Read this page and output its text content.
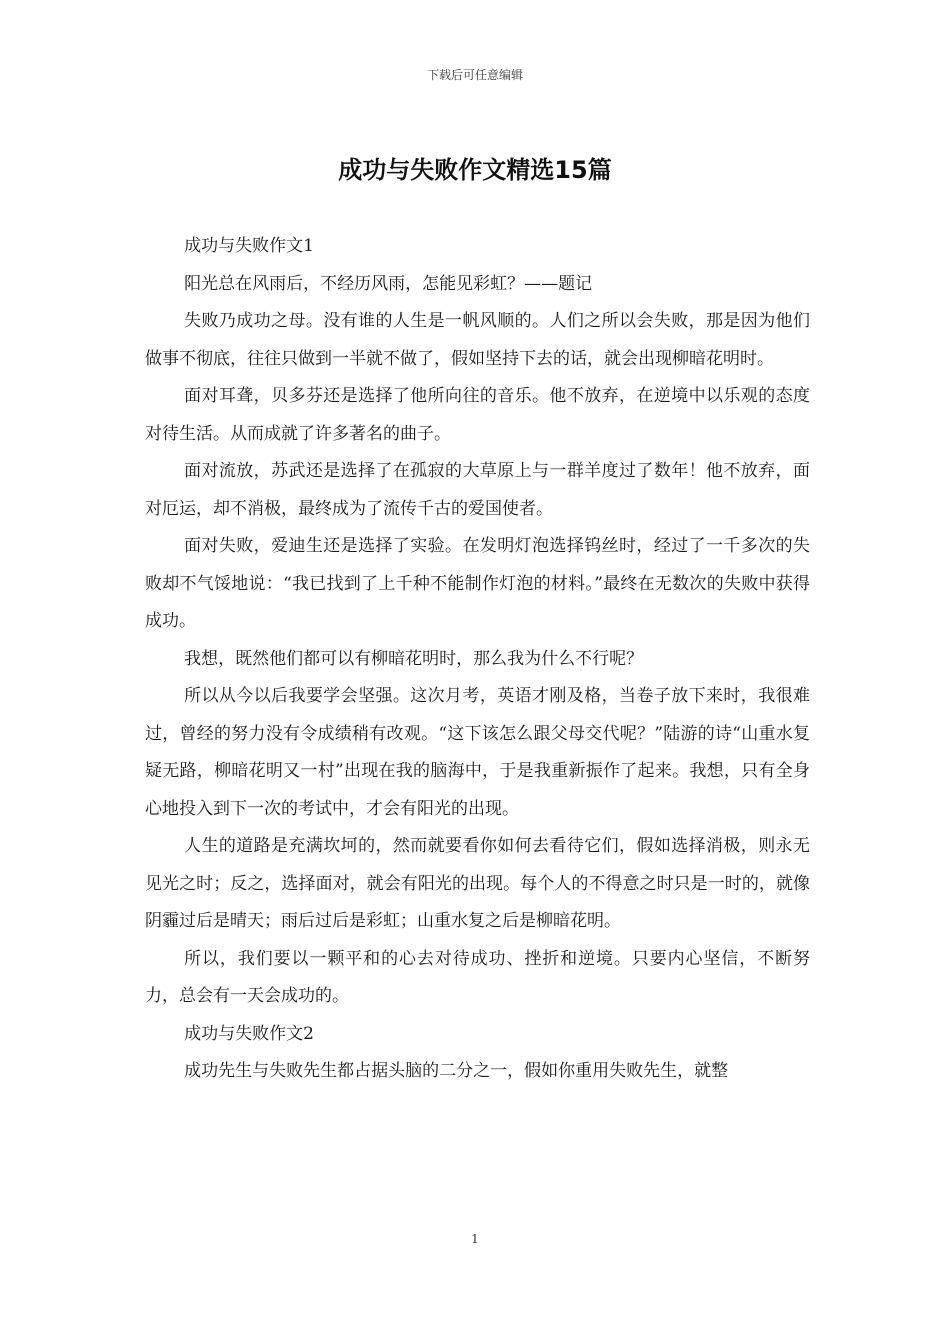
下载后可任意编辑
成功与失败作文精选15篇

成功与失败作文1

阳光总在风雨后，不经历风雨，怎能见彩虹？——题记

失败乃成功之母。没有谁的人生是一帆风顺的。人们之所以会失败，那是因为他们做事不彻底，往往只做到一半就不做了，假如坚持下去的话，就会出现柳暗花明时。

面对耳聋，贝多芬还是选择了他所向往的音乐。他不放弃，在逆境中以乐观的态度对待生活。从而成就了许多著名的曲子。

面对流放，苏武还是选择了在孤寂的大草原上与一群羊度过了数年！他不放弃，面对厄运，却不消极，最终成为了流传千古的爱国使者。

面对失败，爱迪生还是选择了实验。在发明灯泡选择钨丝时，经过了一千多次的失败却不气馁地说：“我已找到了上千种不能制作灯泡的材料。”最终在无数次的失败中获得成功。

我想，既然他们都可以有柳暗花明时，那么我为什么不行呢？

所以从今以后我要学会坚强。这次月考，英语才刚及格，当卷子放下来时，我很难过，曾经的努力没有令成绩稍有改观。“这下该怎么跟父母交代呢？”陆游的诗“山重水复疑无路，柳暗花明又一村”出现在我的脑海中，于是我重新振作了起来。我想，只有全身心地投入到下一次的考试中，才会有阳光的出现。

人生的道路是充满坎坷的，然而就要看你如何去看待它们，假如选择消极，则永无见光之时；反之，选择面对，就会有阳光的出现。每个人的不得意之时只是一时的，就像阴霾过后是晴天；雨后过后是彩虹；山重水复之后是柳暗花明。

所以，我们要以一颗平和的心去对待成功、挫折和逆境。只要内心坚信，不断努力，总会有一天会成功的。

成功与失败作文2

成功先生与失败先生都占据头脑的二分之一，假如你重用失败先生，就整

1
